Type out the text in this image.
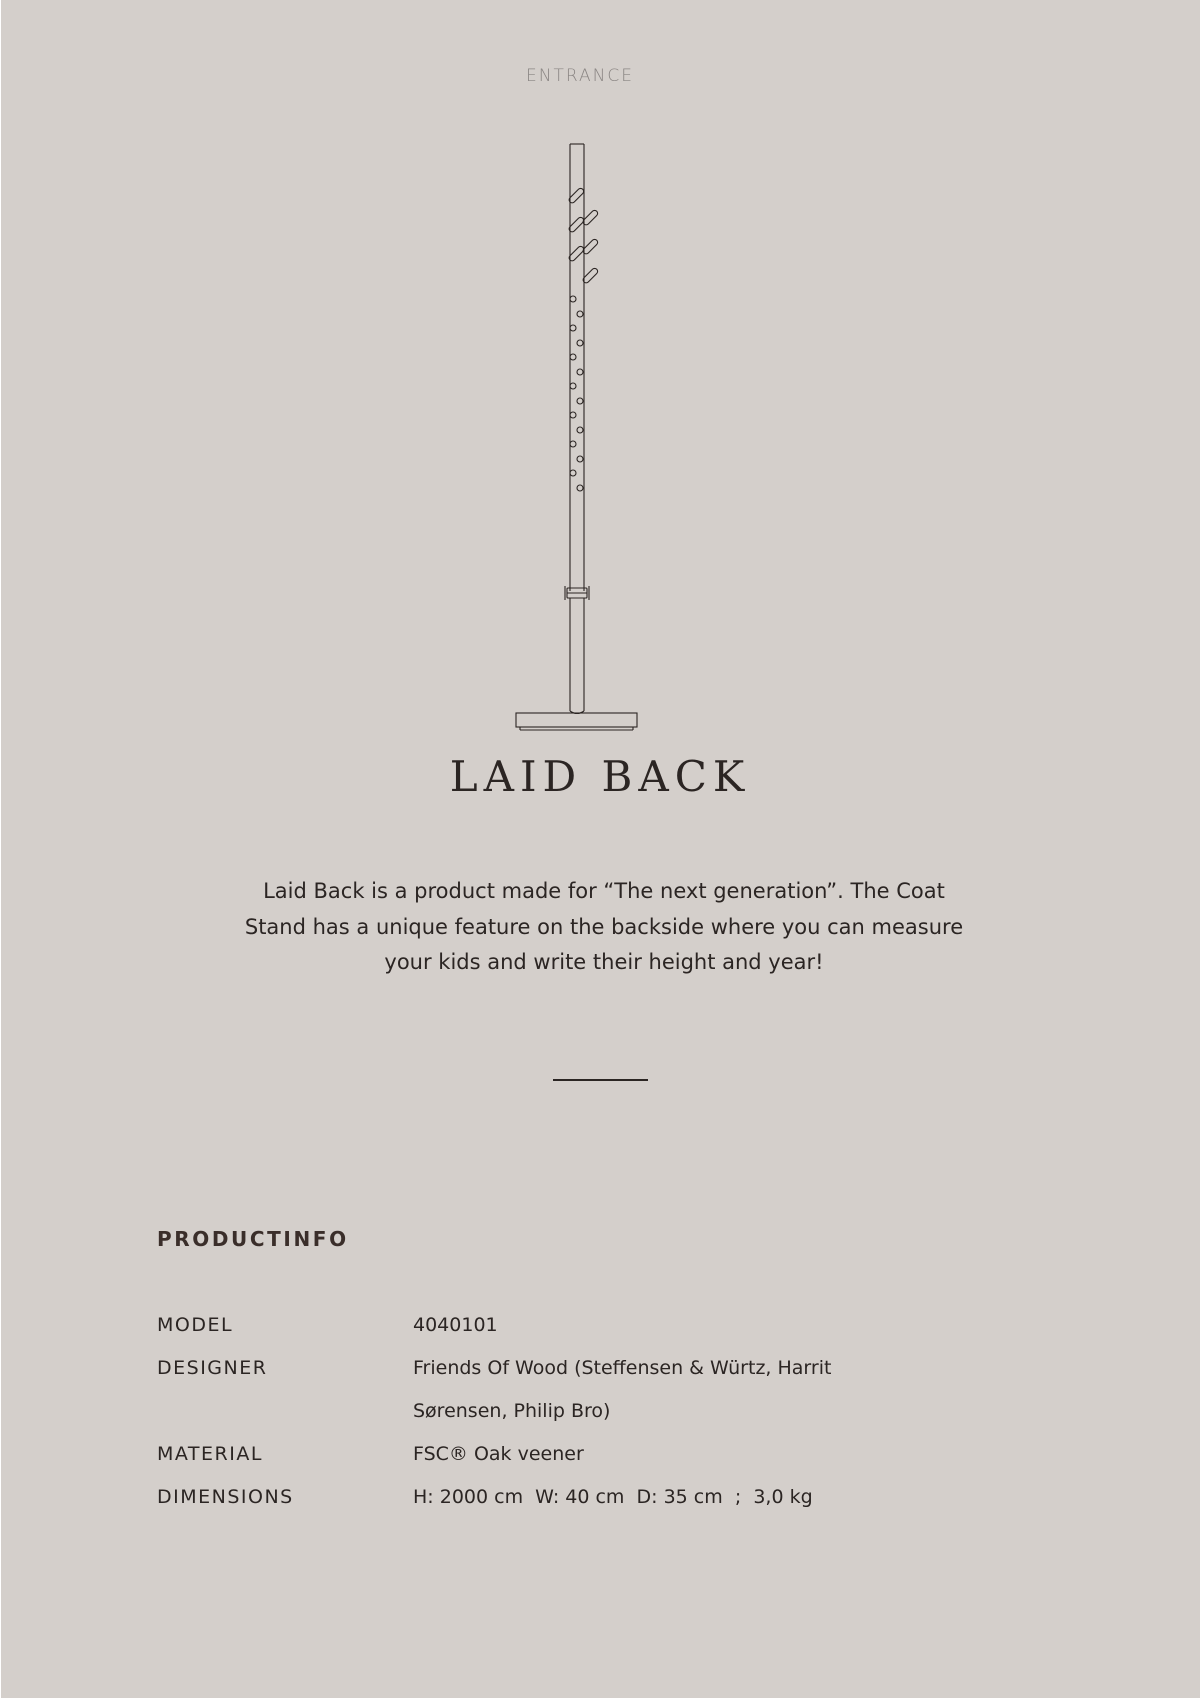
ENTRANCE
LAID BACK

Laid Back is a product made for “The next generation”. The Coat Stand has a unique feature on the backside where you can measure your kids and write their height and year!

PRODUCTINFO
MODEL	4040101
DESIGNER	Friends Of Wood (Steffensen & Würtz, Harrit Sørensen, Philip Bro)
MATERIAL	FSC® Oak veener
DIMENSIONS	H: 2000 cm  W: 40 cm  D: 35 cm  ;  3,0 kg
